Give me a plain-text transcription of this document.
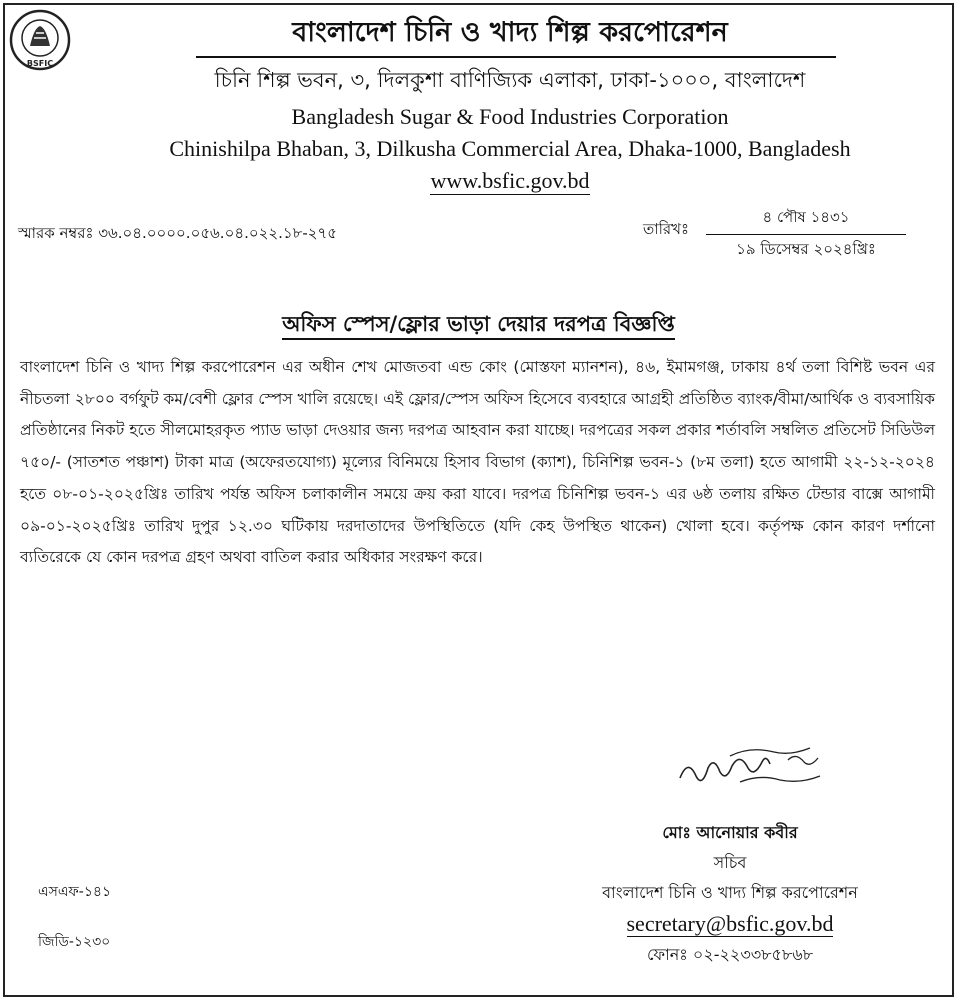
BSFIC
বাংলাদেশ চিনি ও খাদ্য শিল্প করপোরেশন
চিনি শিল্প ভবন, ৩, দিলকুশা বাণিজ্যিক এলাকা, ঢাকা-১০০০, বাংলাদেশ
Bangladesh Sugar & Food Industries Corporation
Chinishilpa Bhaban, 3, Dilkusha Commercial Area, Dhaka-1000, Bangladesh
www.bsfic.gov.bd
স্মারক নম্বরঃ ৩৬.০৪.০০০০.০৫৬.০৪.০২২.১৮-২৭৫	তারিখঃ
৪ পৌষ ১৪৩১
১৯ ডিসেম্বর ২০২৪খ্রিঃ
অফিস স্পেস/ফ্লোর ভাড়া দেয়ার দরপত্র বিজ্ঞপ্তি
বাংলাদেশ চিনি ও খাদ্য শিল্প করপোরেশন এর অধীন শেখ মোজতবা এন্ড কোং (মোস্তফা ম্যানশন), ৪৬, ইমামগঞ্জ, ঢাকায় ৪র্থ তলা বিশিষ্ট ভবন এর নীচতলা ২৮০০ বর্গফুট কম/বেশী ফ্লোর স্পেস খালি রয়েছে। এই ফ্লোর/স্পেস অফিস হিসেবে ব্যবহারে আগ্রহী প্রতিষ্ঠিত ব্যাংক/বীমা/আর্থিক ও ব্যবসায়িক প্রতিষ্ঠানের নিকট হতে সীলমোহরকৃত প্যাড ভাড়া দেওয়ার জন্য দরপত্র আহবান করা যাচ্ছে। দরপত্রের সকল প্রকার শর্তাবলি সম্বলিত প্রতিসেট সিডিউল ৭৫০/- (সাতশত পঞ্চাশ) টাকা মাত্র (অফেরতযোগ্য) মূল্যের বিনিময়ে হিসাব বিভাগ (ক্যাশ), চিনিশিল্প ভবন-১ (৮ম তলা) হতে আগামী ২২-১২-২০২৪ হতে ০৮-০১-২০২৫খ্রিঃ তারিখ পর্যন্ত অফিস চলাকালীন সময়ে ক্রয় করা যাবে। দরপত্র চিনিশিল্প ভবন-১ এর ৬ষ্ঠ তলায় রক্ষিত টেন্ডার বাক্সে আগামী ০৯-০১-২০২৫খ্রিঃ তারিখ দুপুর ১২.৩০ ঘটিকায় দরদাতাদের উপস্থিতিতে (যদি কেহ উপস্থিত থাকেন) খোলা হবে। কর্তৃপক্ষ কোন কারণ দর্শানো ব্যতিরেকে যে কোন দরপত্র গ্রহণ অথবা বাতিল করার অধিকার সংরক্ষণ করে।
মোঃ আনোয়ার কবীর
সচিব
বাংলাদেশ চিনি ও খাদ্য শিল্প করপোরেশন
secretary@bsfic.gov.bd
ফোনঃ ০২-২২৩৩৮৫৮৬৮
এসএফ-১৪১
জিডি-১২৩০
